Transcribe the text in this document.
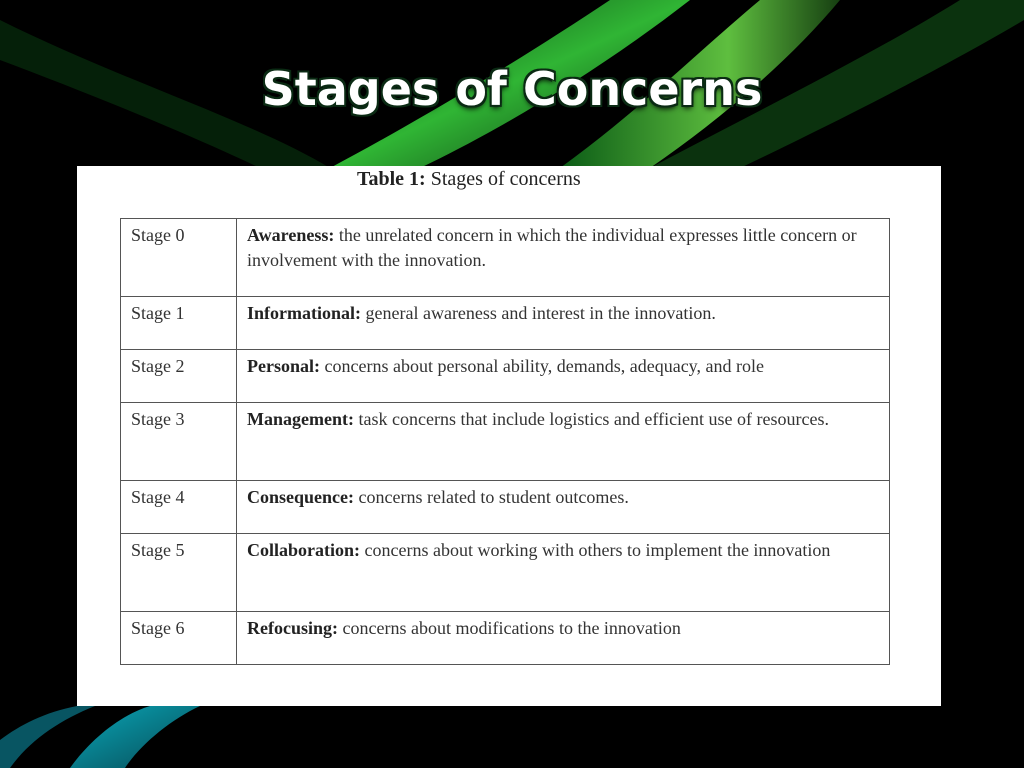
Stages of Concerns
Table 1: Stages of concerns
Stage 0	Awareness: the unrelated concern in which the individual expresses little concern or involvement with the innovation.
Stage 1	Informational: general awareness and interest in the innovation.
Stage 2	Personal: concerns about personal ability, demands, adequacy, and role
Stage 3	Management: task concerns that include logistics and efficient use of resources.
Stage 4	Consequence: concerns related to student outcomes.
Stage 5	Collaboration: concerns about working with others to implement the innovation
Stage 6	Refocusing: concerns about modifications to the innovation
